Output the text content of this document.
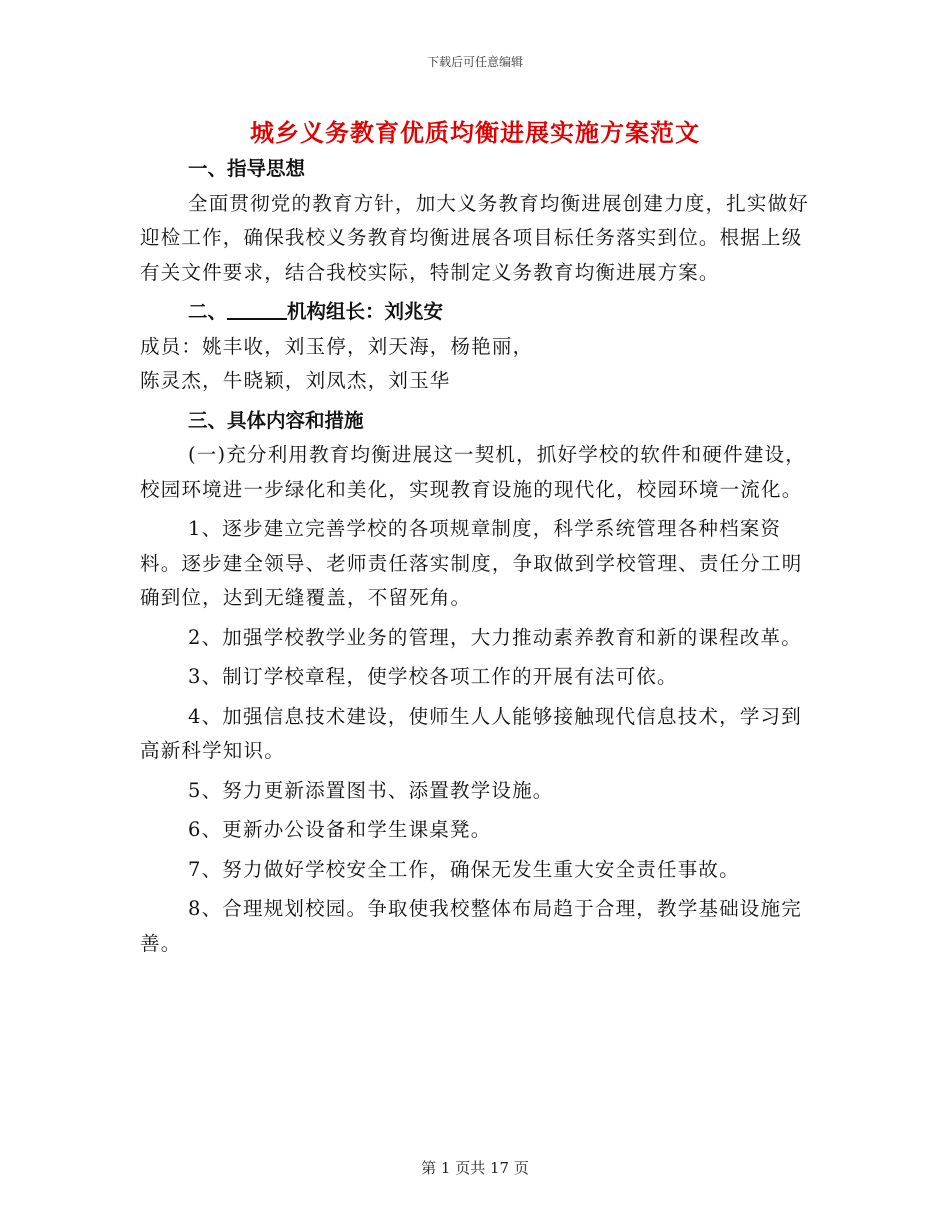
下载后可任意编辑
城乡义务教育优质均衡进展实施方案范文

一、指导思想

全面贯彻党的教育方针，加大义务教育均衡进展创建力度，扎实做好迎检工作，确保我校义务教育均衡进展各项目标任务落实到位。根据上级有关文件要求，结合我校实际，特制定义务教育均衡进展方案。

二、	机构组长：刘兆安

成员：姚丰收，刘玉停，刘天海，杨艳丽，

陈灵杰，牛晓颖，刘凤杰，刘玉华

三、具体内容和措施

(一)充分利用教育均衡进展这一契机，抓好学校的软件和硬件建设，校园环境进一步绿化和美化，实现教育设施的现代化，校园环境一流化。

1、逐步建立完善学校的各项规章制度，科学系统管理各种档案资料。逐步建全领导、老师责任落实制度，争取做到学校管理、责任分工明确到位，达到无缝覆盖，不留死角。

2、加强学校教学业务的管理，大力推动素养教育和新的课程改革。

3、制订学校章程，使学校各项工作的开展有法可依。

4、加强信息技术建设，使师生人人能够接触现代信息技术，学习到高新科学知识。

5、努力更新添置图书、添置教学设施。

6、更新办公设备和学生课桌凳。

7、努力做好学校安全工作，确保无发生重大安全责任事故。

8、合理规划校园。争取使我校整体布局趋于合理，教学基础设施完善。

第 1 页共 17 页
